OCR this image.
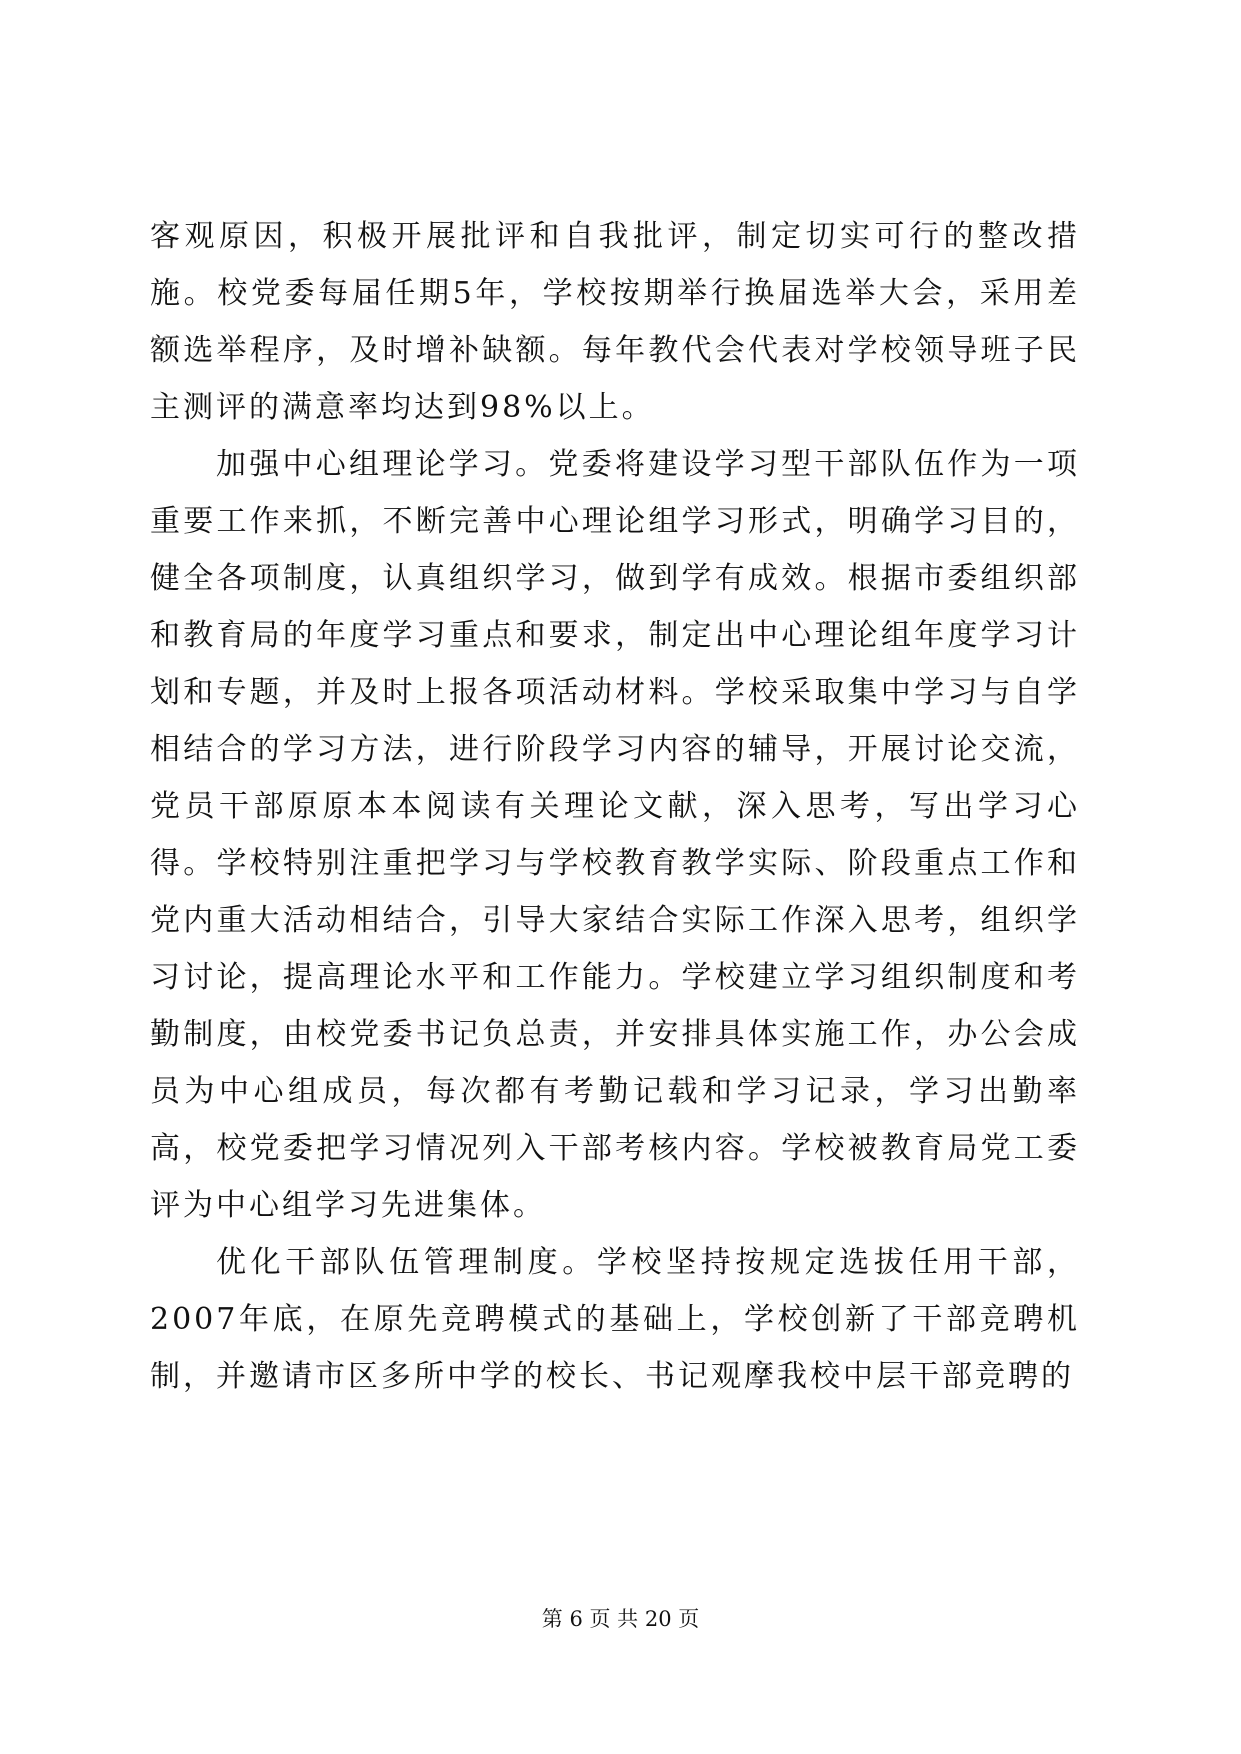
客观原因，积极开展批评和自我批评，制定切实可行的整改措施。校党委每届任期5年，学校按期举行换届选举大会，采用差额选举程序，及时增补缺额。每年教代会代表对学校领导班子民主测评的满意率均达到98%以上。

加强中心组理论学习。党委将建设学习型干部队伍作为一项重要工作来抓，不断完善中心理论组学习形式，明确学习目的，健全各项制度，认真组织学习，做到学有成效。根据市委组织部和教育局的年度学习重点和要求，制定出中心理论组年度学习计划和专题，并及时上报各项活动材料。学校采取集中学习与自学相结合的学习方法，进行阶段学习内容的辅导，开展讨论交流，党员干部原原本本阅读有关理论文献，深入思考，写出学习心得。学校特别注重把学习与学校教育教学实际、阶段重点工作和党内重大活动相结合，引导大家结合实际工作深入思考，组织学习讨论，提高理论水平和工作能力。学校建立学习组织制度和考勤制度，由校党委书记负总责，并安排具体实施工作，办公会成员为中心组成员，每次都有考勤记载和学习记录，学习出勤率高，校党委把学习情况列入干部考核内容。学校被教育局党工委评为中心组学习先进集体。

优化干部队伍管理制度。学校坚持按规定选拔任用干部，2007年底，在原先竞聘模式的基础上，学校创新了干部竞聘机制，并邀请市区多所中学的校长、书记观摩我校中层干部竞聘的

第 6 页 共 20 页
